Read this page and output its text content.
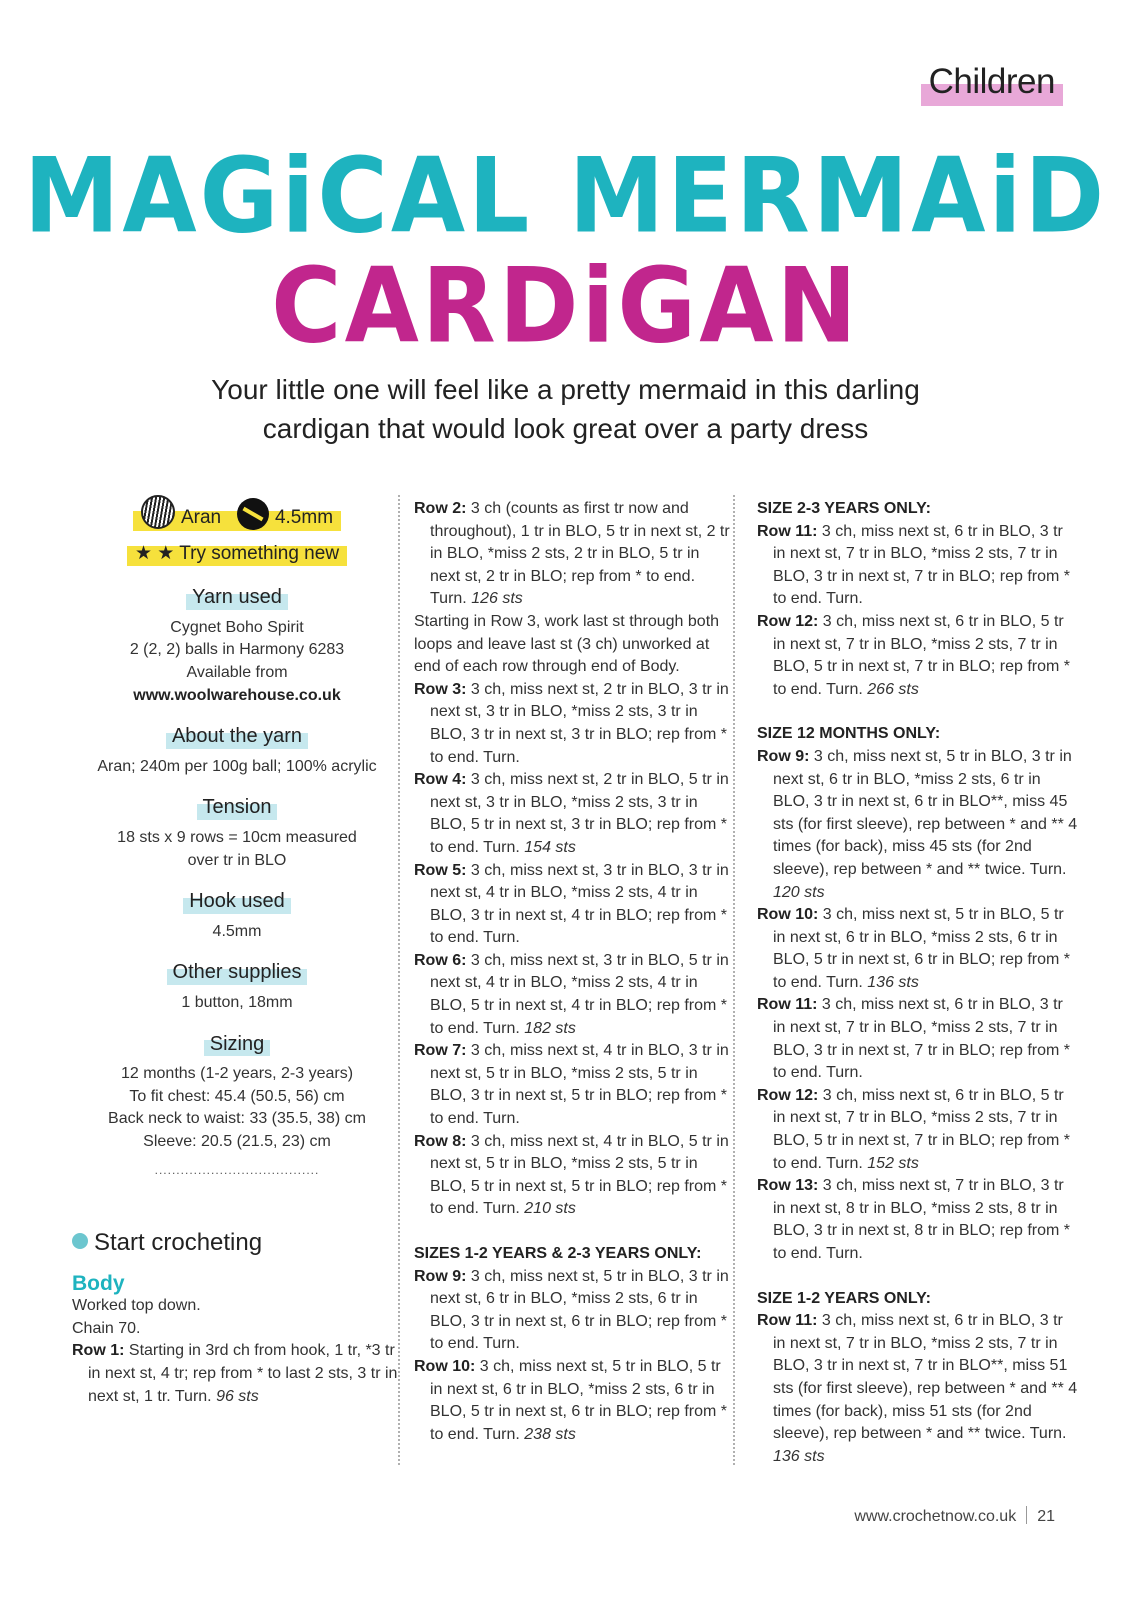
Children
MAGiCAL MERMAiD
CARDiGAN
Your little one will feel like a pretty mermaid in this darling
cardigan that would look great over a party dress
Aran	4.5mm
★ ★ Try something new
Yarn used

Cygnet Boho Spirit

2 (2, 2) balls in Harmony 6283

Available from

www.woolwarehouse.co.uk

About the yarn

Aran; 240m per 100g ball; 100% acrylic

Tension

18 sts x 9 rows = 10cm measured

over tr in BLO

Hook used

4.5mm

Other supplies

1 button, 18mm

Sizing

12 months (1-2 years, 2-3 years)

To fit chest: 45.4 (50.5, 56) cm

Back neck to waist: 33 (35.5, 38) cm

Sleeve: 20.5 (21.5, 23) cm

......................................
Start crocheting
Body

Worked top down.

Chain 70.

Row 1: Starting in 3rd ch from hook, 1 tr, *3 tr in next st, 4 tr; rep from * to last 2 sts, 3 tr in next st, 1 tr. Turn. 96 sts

Row 2: 3 ch (counts as first tr now and throughout), 1 tr in BLO, 5 tr in next st, 2 tr in BLO, *miss 2 sts, 2 tr in BLO, 5 tr in next st, 2 tr in BLO; rep from * to end. Turn. 126 sts

Starting in Row 3, work last st through both loops and leave last st (3 ch) unworked at end of each row through end of Body.

Row 3: 3 ch, miss next st, 2 tr in BLO, 3 tr in next st, 3 tr in BLO, *miss 2 sts, 3 tr in BLO, 3 tr in next st, 3 tr in BLO; rep from * to end. Turn.

Row 4: 3 ch, miss next st, 2 tr in BLO, 5 tr in next st, 3 tr in BLO, *miss 2 sts, 3 tr in BLO, 5 tr in next st, 3 tr in BLO; rep from * to end. Turn. 154 sts

Row 5: 3 ch, miss next st, 3 tr in BLO, 3 tr in next st, 4 tr in BLO, *miss 2 sts, 4 tr in BLO, 3 tr in next st, 4 tr in BLO; rep from * to end. Turn.

Row 6: 3 ch, miss next st, 3 tr in BLO, 5 tr in next st, 4 tr in BLO, *miss 2 sts, 4 tr in BLO, 5 tr in next st, 4 tr in BLO; rep from * to end. Turn. 182 sts

Row 7: 3 ch, miss next st, 4 tr in BLO, 3 tr in next st, 5 tr in BLO, *miss 2 sts, 5 tr in BLO, 3 tr in next st, 5 tr in BLO; rep from * to end. Turn.

Row 8: 3 ch, miss next st, 4 tr in BLO, 5 tr in next st, 5 tr in BLO, *miss 2 sts, 5 tr in BLO, 5 tr in next st, 5 tr in BLO; rep from * to end. Turn. 210 sts

SIZES 1-2 YEARS & 2-3 YEARS ONLY:

Row 9: 3 ch, miss next st, 5 tr in BLO, 3 tr in next st, 6 tr in BLO, *miss 2 sts, 6 tr in BLO, 3 tr in next st, 6 tr in BLO; rep from * to end. Turn.

Row 10: 3 ch, miss next st, 5 tr in BLO, 5 tr in next st, 6 tr in BLO, *miss 2 sts, 6 tr in BLO, 5 tr in next st, 6 tr in BLO; rep from * to end. Turn. 238 sts

SIZE 2-3 YEARS ONLY:

Row 11: 3 ch, miss next st, 6 tr in BLO, 3 tr in next st, 7 tr in BLO, *miss 2 sts, 7 tr in BLO, 3 tr in next st, 7 tr in BLO; rep from * to end. Turn.

Row 12: 3 ch, miss next st, 6 tr in BLO, 5 tr in next st, 7 tr in BLO, *miss 2 sts, 7 tr in BLO, 5 tr in next st, 7 tr in BLO; rep from * to end. Turn. 266 sts

SIZE 12 MONTHS ONLY:

Row 9: 3 ch, miss next st, 5 tr in BLO, 3 tr in next st, 6 tr in BLO, *miss 2 sts, 6 tr in BLO, 3 tr in next st, 6 tr in BLO**, miss 45 sts (for first sleeve), rep between * and ** 4 times (for back), miss 45 sts (for 2nd sleeve), rep between * and ** twice. Turn. 120 sts

Row 10: 3 ch, miss next st, 5 tr in BLO, 5 tr in next st, 6 tr in BLO, *miss 2 sts, 6 tr in BLO, 5 tr in next st, 6 tr in BLO; rep from * to end. Turn. 136 sts

Row 11: 3 ch, miss next st, 6 tr in BLO, 3 tr in next st, 7 tr in BLO, *miss 2 sts, 7 tr in BLO, 3 tr in next st, 7 tr in BLO; rep from * to end. Turn.

Row 12: 3 ch, miss next st, 6 tr in BLO, 5 tr in next st, 7 tr in BLO, *miss 2 sts, 7 tr in BLO, 5 tr in next st, 7 tr in BLO; rep from * to end. Turn. 152 sts

Row 13: 3 ch, miss next st, 7 tr in BLO, 3 tr in next st, 8 tr in BLO, *miss 2 sts, 8 tr in BLO, 3 tr in next st, 8 tr in BLO; rep from * to end. Turn.

SIZE 1-2 YEARS ONLY:

Row 11: 3 ch, miss next st, 6 tr in BLO, 3 tr in next st, 7 tr in BLO, *miss 2 sts, 7 tr in BLO, 3 tr in next st, 7 tr in BLO**, miss 51 sts (for first sleeve), rep between * and ** 4 times (for back), miss 51 sts (for 2nd sleeve), rep between * and ** twice. Turn. 136 sts

www.crochetnow.co.uk 21
